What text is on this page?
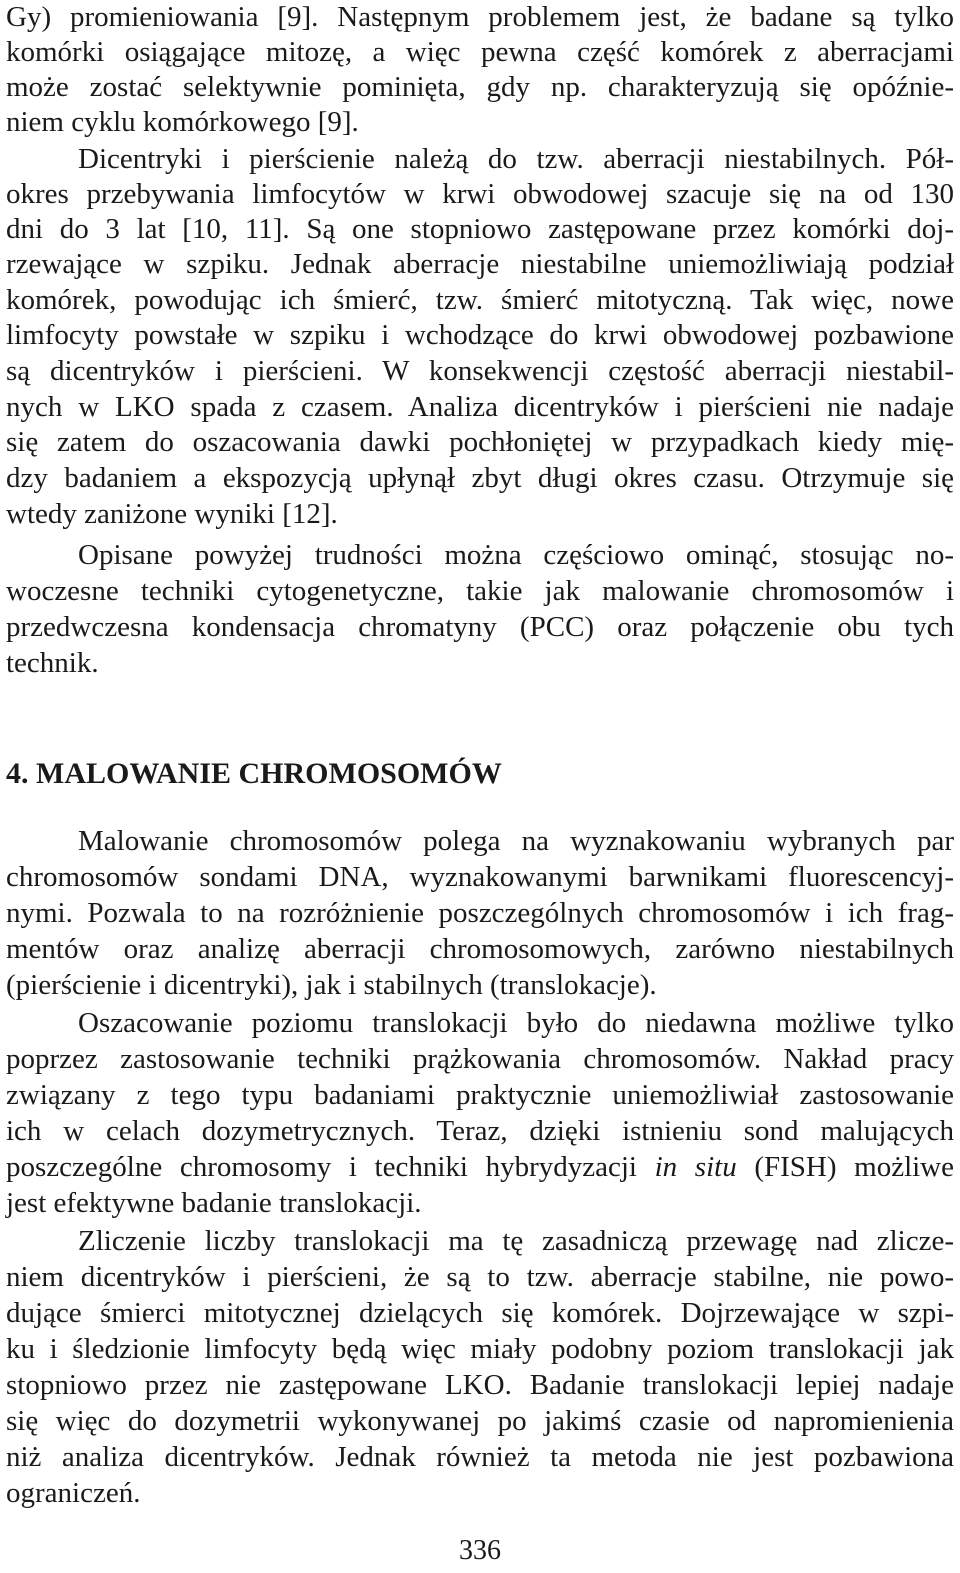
Gy) promieniowania [9]. Następnym problemem jest, że badane są tylko
komórki osiągające mitozę, a więc pewna część komórek z aberracjami
może zostać selektywnie pominięta, gdy np. charakteryzują się opóźnie-
niem cyklu komórkowego [9].
Dicentryki i pierścienie należą do tzw. aberracji niestabilnych. Pół-
okres przebywania limfocytów w krwi obwodowej szacuje się na od 130
dni do 3 lat [10, 11]. Są one stopniowo zastępowane przez komórki doj-
rzewające w szpiku. Jednak aberracje niestabilne uniemożliwiają podział
komórek, powodując ich śmierć, tzw. śmierć mitotyczną. Tak więc, nowe
limfocyty powstałe w szpiku i wchodzące do krwi obwodowej pozbawione
są dicentryków i pierścieni. W konsekwencji częstość aberracji niestabil-
nych w LKO spada z czasem. Analiza dicentryków i pierścieni nie nadaje
się zatem do oszacowania dawki pochłoniętej w przypadkach kiedy mię-
dzy badaniem a ekspozycją upłynął zbyt długi okres czasu. Otrzymuje się
wtedy zaniżone wyniki [12].
Opisane powyżej trudności można częściowo ominąć, stosując no-
woczesne techniki cytogenetyczne, takie jak malowanie chromosomów i
przedwczesna kondensacja chromatyny (PCC) oraz połączenie obu tych
technik.
4. MALOWANIE CHROMOSOMÓW
Malowanie chromosomów polega na wyznakowaniu wybranych par
chromosomów sondami DNA, wyznakowanymi barwnikami fluorescencyj-
nymi. Pozwala to na rozróżnienie poszczególnych chromosomów i ich frag-
mentów oraz analizę aberracji chromosomowych, zarówno niestabilnych
(pierścienie i dicentryki), jak i stabilnych (translokacje).
Oszacowanie poziomu translokacji było do niedawna możliwe tylko
poprzez zastosowanie techniki prążkowania chromosomów. Nakład pracy
związany z tego typu badaniami praktycznie uniemożliwiał zastosowanie
ich w celach dozymetrycznych. Teraz, dzięki istnieniu sond malujących
poszczególne chromosomy i techniki hybrydyzacji in situ (FISH) możliwe
jest efektywne badanie translokacji.
Zliczenie liczby translokacji ma tę zasadniczą przewagę nad zlicze-
niem dicentryków i pierścieni, że są to tzw. aberracje stabilne, nie powo-
dujące śmierci mitotycznej dzielących się komórek. Dojrzewające w szpi-
ku i śledzionie limfocyty będą więc miały podobny poziom translokacji jak
stopniowo przez nie zastępowane LKO. Badanie translokacji lepiej nadaje
się więc do dozymetrii wykonywanej po jakimś czasie od napromienienia
niż analiza dicentryków. Jednak również ta metoda nie jest pozbawiona
ograniczeń.
336
